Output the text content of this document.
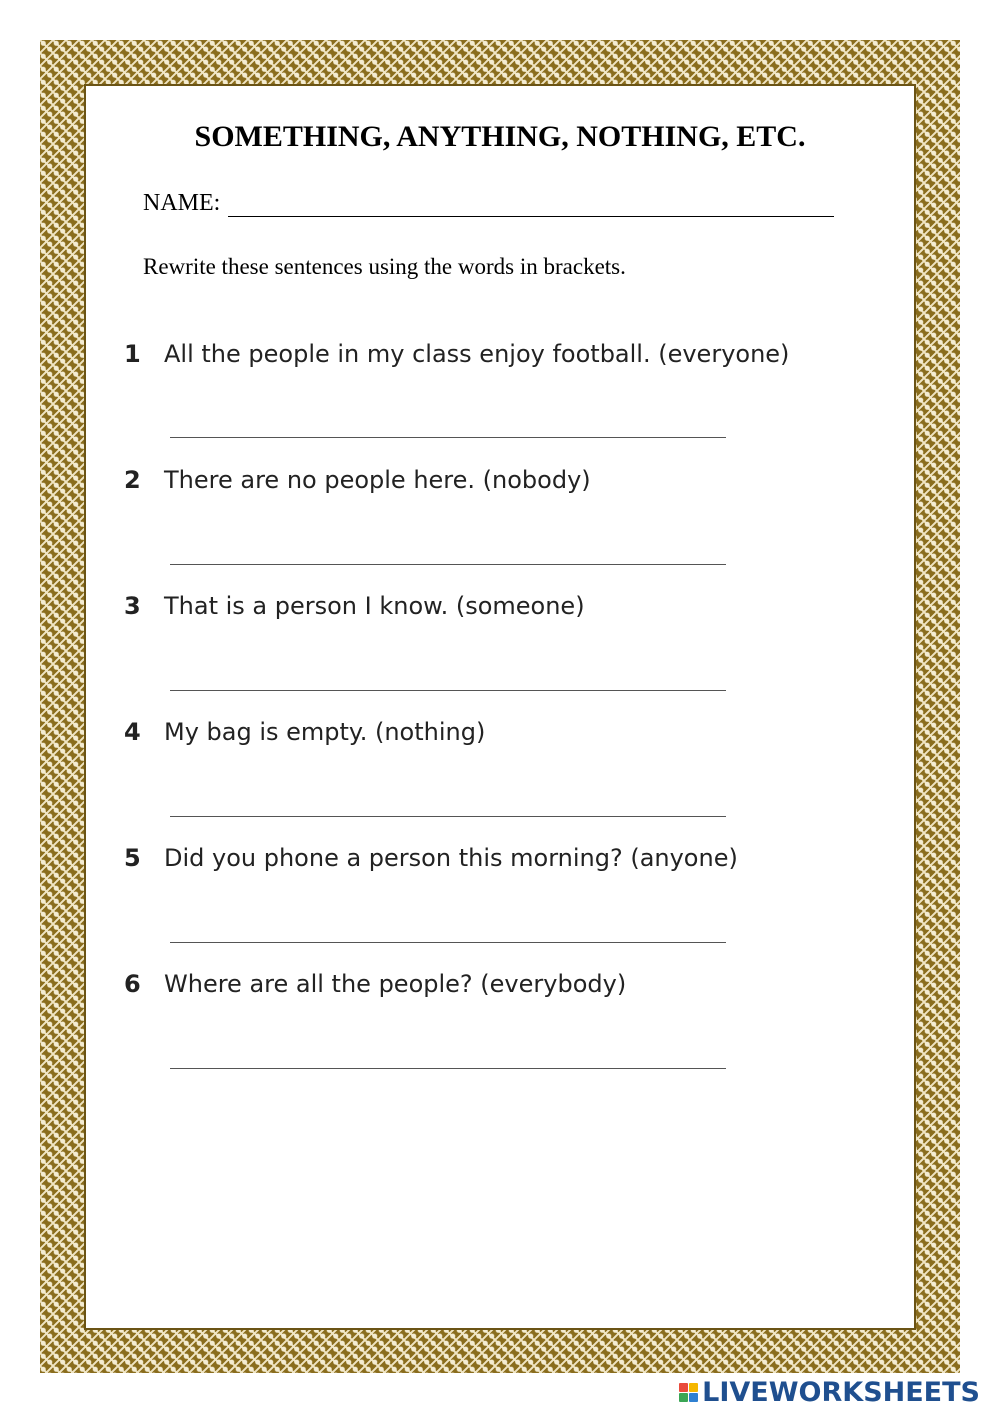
SOMETHING, ANYTHING, NOTHING, ETC.
NAME:
Rewrite these sentences using the words in brackets.
1 All the people in my class enjoy football. (everyone)
2 There are no people here. (nobody)
3 That is a person I know. (someone)
4 My bag is empty. (nothing)
5 Did you phone a person this morning? (anyone)
6 Where are all the people? (everybody)
LIVEWORKSHEETS
